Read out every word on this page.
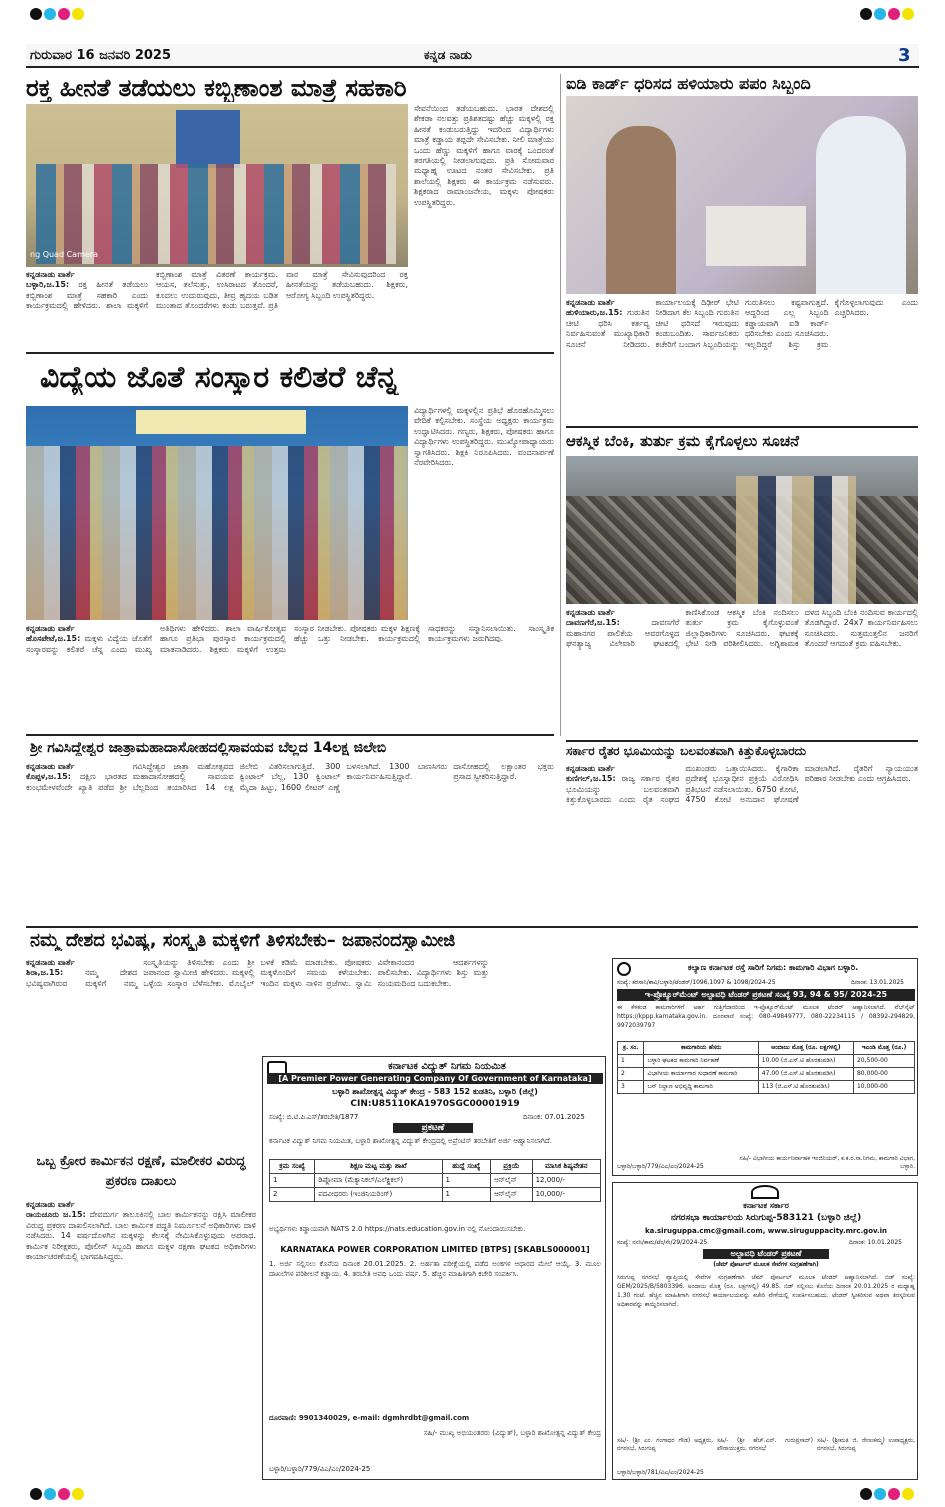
ಗುರುವಾರ 16 ಜನವರಿ 2025	ಕನ್ನಡ ನಾಡು	3
ರಕ್ತ ಹೀನತೆ ತಡೆಯಲು ಕಬ್ಬಿಣಾಂಶ ಮಾತ್ರೆ ಸಹಕಾರಿ
ng Quad Camera
ಕನ್ನಡನಾಡು ವಾರ್ತೆ
ಬಳ್ಳಾರಿ,ಜ.15: ರಕ್ತ ಹೀನತೆ ತಡೆಯಲು ಕಬ್ಬಿಣಾಂಶ ಮಾತ್ರೆ ಸಹಕಾರಿ ಎಂದು ಕಾರ್ಯಕ್ರಮದಲ್ಲಿ ಹೇಳಿದರು. ಶಾಲಾ ಮಕ್ಕಳಿಗೆ ಕಬ್ಬಿಣಾಂಶ ಮಾತ್ರೆ ವಿತರಣೆ ಕಾರ್ಯಕ್ರಮ. ಆಯಸ, ತಲೆಸುತ್ತು, ಉಸಿರಾಟದ ತೊಂದರೆ, ಕೂದಲು ಉದುರುವುದು, ತೀವ್ರ ಹೃದಯ ಬಡಿತ ಮುಂತಾದ ತೊಂದರೆಗಳು ಕಂಡು ಬರುತ್ತವೆ. ಪ್ರತಿ ವಾರ ಮಾತ್ರೆ ಸೇವಿಸುವುದರಿಂದ ರಕ್ತ ಹೀನತೆಯನ್ನು ತಡೆಯಬಹುದು. ಶಿಕ್ಷಕರು, ಆರೋಗ್ಯ ಸಿಬ್ಬಂದಿ ಉಪಸ್ಥಿತರಿದ್ದರು.
ಸೇವನೆಯಿಂದ ತಡೆಯಬಹುದು. ಭಾರತ ದೇಶದಲ್ಲಿ ಶೇಕಡಾ ನಲವತ್ತು ಪ್ರತಿಶತದಷ್ಟು ಹೆಚ್ಚು ಮಕ್ಕಳಲ್ಲಿ ರಕ್ತ ಹೀನತೆ ಕಂಡುಬರುತ್ತಿದ್ದು ಇದರಿಂದ ವಿದ್ಯಾರ್ಥಿಗಳು ಮಾತ್ರೆ ಕಡ್ಡಾಯ ತಪ್ಪದೇ ಸೇವಿಸಬೇಕು. ನೀಲಿ ಮಾತ್ರೆಯು ಒಂದು ಹೆಣ್ಣು ಮಕ್ಕಳಿಗೆ ಹಾಗೂ ವಾರಕ್ಕೆ ಒಂದರಂತೆ ತರಗತಿಯಲ್ಲಿ ನೀಡಲಾಗುವುದು. ಪ್ರತಿ ಸೋಮವಾರ ಮಧ್ಯಾಹ್ನ ಊಟದ ನಂತರ ಸೇವಿಸಬೇಕು. ಪ್ರತಿ ಶಾಲೆಯಲ್ಲಿ ಶಿಕ್ಷಕರು ಈ ಕಾರ್ಯಕ್ರಮ ನಡೆಸುವರು. ಶಿಕ್ಷಕರಾದ ರಾಮಾಂಜನೇಯ, ಮಕ್ಕಳು ಪೋಷಕರು ಉಪಸ್ಥಿತರಿದ್ದರು.
ಐಡಿ ಕಾರ್ಡ್ ಧರಿಸದ ಹಳಿಯಾರು ಪಪಂ ಸಿಬ್ಬಂದಿ
ಕನ್ನಡನಾಡು ವಾರ್ತೆ
ಹುಳಿಯಾರು,ಜ.15: ಗುರುತಿನ ಚೀಟಿ ಧರಿಸಿ ಕರ್ತವ್ಯ ನಿರ್ವಹಿಸುವಂತೆ ಮುಖ್ಯಾಧಿಕಾರಿ ಸೂಚನೆ ನೀಡಿದರು. ಕಾರ್ಯಾಲಯಕ್ಕೆ ದಿಢೀರ್ ಭೇಟಿ ನೀಡಿದಾಗ ಕೆಲ ಸಿಬ್ಬಂದಿ ಗುರುತಿನ ಚೀಟಿ ಧರಿಸದೆ ಇರುವುದು ಕಂಡುಬಂದಿತು. ಸಾರ್ವಜನಿಕರು ಕಚೇರಿಗೆ ಬಂದಾಗ ಸಿಬ್ಬಂದಿಯನ್ನು ಗುರುತಿಸಲು ಕಷ್ಟವಾಗುತ್ತದೆ. ಆದ್ದರಿಂದ ಎಲ್ಲ ಸಿಬ್ಬಂದಿ ಕಡ್ಡಾಯವಾಗಿ ಐಡಿ ಕಾರ್ಡ್ ಧರಿಸಬೇಕು ಎಂದು ಸೂಚಿಸಿದರು. ಇಲ್ಲದಿದ್ದರೆ ಶಿಸ್ತು ಕ್ರಮ ಕೈಗೊಳ್ಳಲಾಗುವುದು ಎಂದು ಎಚ್ಚರಿಸಿದರು.
ವಿದ್ಯೆಯ ಜೊತೆ ಸಂಸ್ಕಾರ ಕಲಿತರೆ ಚೆನ್ನ
ಕನ್ನಡನಾಡು ವಾರ್ತೆ
ಹೊಸಪೇಟೆ,ಜ.15: ಮಕ್ಕಳು ವಿದ್ಯೆಯ ಜೊತೆಗೆ ಸಂಸ್ಕಾರವನ್ನು ಕಲಿತರೆ ಚೆನ್ನ ಎಂದು ಮುಖ್ಯ ಅತಿಥಿಗಳು ಹೇಳಿದರು. ಶಾಲಾ ವಾರ್ಷಿಕೋತ್ಸವ ಹಾಗೂ ಪ್ರತಿಭಾ ಪುರಸ್ಕಾರ ಕಾರ್ಯಕ್ರಮದಲ್ಲಿ ಮಾತನಾಡಿದರು. ಶಿಕ್ಷಕರು ಮಕ್ಕಳಿಗೆ ಉತ್ತಮ ಸಂಸ್ಕಾರ ನೀಡಬೇಕು. ಪೋಷಕರು ಮಕ್ಕಳ ಶಿಕ್ಷಣಕ್ಕೆ ಹೆಚ್ಚು ಒತ್ತು ನೀಡಬೇಕು. ಕಾರ್ಯಕ್ರಮದಲ್ಲಿ ಸಾಧಕರನ್ನು ಸನ್ಮಾನಿಸಲಾಯಿತು. ಸಾಂಸ್ಕೃತಿಕ ಕಾರ್ಯಕ್ರಮಗಳು ಜರುಗಿದವು.
ವಿದ್ಯಾರ್ಥಿಗಳಲ್ಲಿ ಮಕ್ಕಳಲ್ಲಿನ ಪ್ರತಿಭೆ ಹೊರಹೊಮ್ಮಿಸಲು ವೇದಿಕೆ ಕಲ್ಪಿಸಬೇಕು. ಸಂಸ್ಥೆಯ ಅಧ್ಯಕ್ಷರು ಕಾರ್ಯಕ್ರಮ ಉದ್ಘಾಟಿಸಿದರು. ಗಣ್ಯರು, ಶಿಕ್ಷಕರು, ಪೋಷಕರು ಹಾಗೂ ವಿದ್ಯಾರ್ಥಿಗಳು ಉಪಸ್ಥಿತರಿದ್ದರು. ಮುಖ್ಯೋಪಾಧ್ಯಾಯರು ಸ್ವಾಗತಿಸಿದರು. ಶಿಕ್ಷಕಿ ನಿರೂಪಿಸಿದರು. ವಂದನಾರ್ಪಣೆ ನೆರವೇರಿಸಿದರು.
ಆಕಸ್ಮಿಕ ಬೆಂಕಿ, ತುರ್ತು ಕ್ರಮ ಕೈಗೊಳ್ಳಲು ಸೂಚನೆ
ಕನ್ನಡನಾಡು ವಾರ್ತೆ
ದಾವಣಗೆರೆ,ಜ.15:	ದಾವಣಗೆರೆ ಮಹಾನಗರ ಪಾಲಿಕೆಯ ಆವರಗೊಳ್ಳದ ಘನತ್ಯಾಜ್ಯ ವಿಲೇವಾರಿ ಘಟಕದಲ್ಲಿ ಕಾಣಿಸಿಕೊಂಡ ಆಕಸ್ಮಿಕ ಬೆಂಕಿ ನಂದಿಸಲು ತುರ್ತು ಕ್ರಮ ಕೈಗೊಳ್ಳುವಂತೆ ಜಿಲ್ಲಾಧಿಕಾರಿಗಳು ಸೂಚಿಸಿದರು. ಘಟಕಕ್ಕೆ ಭೇಟಿ ನೀಡಿ ಪರಿಶೀಲಿಸಿದರು. ಅಗ್ನಿಶಾಮಕ ದಳದ ಸಿಬ್ಬಂದಿ ಬೆಂಕಿ ನಂದಿಸುವ ಕಾರ್ಯದಲ್ಲಿ ತೊಡಗಿದ್ದಾರೆ. 24x7 ಕಾರ್ಯನಿರ್ವಹಿಸಲು ಸೂಚಿಸಿದರು. ಸುತ್ತಮುತ್ತಲಿನ ಜನರಿಗೆ ತೊಂದರೆ ಆಗದಂತೆ ಕ್ರಮ ವಹಿಸಬೇಕು.
ಶ್ರೀ ಗವಿಸಿದ್ದೇಶ್ವರ ಜಾತ್ರಾಮಹಾದಾಸೋಹದಲ್ಲಿಸಾವಯವ ಬೆಲ್ಲದ 14ಲಕ್ಷ ಜಿಲೇಬಿ
ಕನ್ನಡನಾಡು ವಾರ್ತೆ
ಕೊಪ್ಪಳ,ಜ.15: ದಕ್ಷಿಣ ಭಾರತದ ಕುಂಭಮೇಳವೆಂದೇ ಖ್ಯಾತಿ ಪಡೆದ ಶ್ರೀ ಗವಿಸಿದ್ದೇಶ್ವರ ಜಾತ್ರಾ ಮಹೋತ್ಸವದ ಮಹಾದಾಸೋಹದಲ್ಲಿ ಸಾವಯವ ಬೆಲ್ಲದಿಂದ ತಯಾರಿಸಿದ 14 ಲಕ್ಷ ಜಿಲೇಬಿ ವಿತರಿಸಲಾಗುತ್ತಿದೆ. 300 ಕ್ವಿಂಟಾಲ್ ಬೆಲ್ಲ, 130 ಕ್ವಿಂಟಾಲ್ ಮೈದಾ ಹಿಟ್ಟು, 1600 ಲೀಟರ್ ಎಣ್ಣೆ ಬಳಸಲಾಗಿದೆ. 1300 ಬಾಣಸಿಗರು ಕಾರ್ಯನಿರ್ವಹಿಸುತ್ತಿದ್ದಾರೆ. ದಾಸೋಹದಲ್ಲಿ ಲಕ್ಷಾಂತರ ಭಕ್ತರು ಪ್ರಸಾದ ಸ್ವೀಕರಿಸುತ್ತಿದ್ದಾರೆ.
ಸರ್ಕಾರ ರೈತರ ಭೂಮಿಯನ್ನು ಬಲವಂತವಾಗಿ ಕಿತ್ತುಕೊಳ್ಳಬಾರದು
ಕನ್ನಡನಾಡು ವಾರ್ತೆ
ಕುಣಿಗಲ್,ಜ.15: ರಾಜ್ಯ ಸರ್ಕಾರ ರೈತರ ಭೂಮಿಯನ್ನು ಬಲವಂತವಾಗಿ ಕಿತ್ತುಕೊಳ್ಳಬಾರದು ಎಂದು ರೈತ ಸಂಘದ ಮುಖಂಡರು ಒತ್ತಾಯಿಸಿದರು. ಕೈಗಾರಿಕಾ ಪ್ರದೇಶಕ್ಕೆ ಭೂಸ್ವಾಧೀನ ಪ್ರಕ್ರಿಯೆ ವಿರೋಧಿಸಿ ಪ್ರತಿಭಟನೆ ನಡೆಸಲಾಯಿತು. 6750 ಕೋಟಿ, 4750 ಕೋಟಿ ಅನುದಾನ ಘೋಷಣೆ ಮಾಡಲಾಗಿದೆ. ರೈತರಿಗೆ ನ್ಯಾಯಯುತ ಪರಿಹಾರ ನೀಡಬೇಕು ಎಂದು ಆಗ್ರಹಿಸಿದರು.
ನಮ್ಮ ದೇಶದ ಭವಿಷ್ಯ, ಸಂಸ್ಕೃತಿ ಮಕ್ಕಳಿಗೆ ತಿಳಿಸಬೇಕು– ಜಪಾನಂದಸ್ವಾಮೀಜಿ
ಕನ್ನಡನಾಡು ವಾರ್ತೆ
ಶಿರಾ,ಜ.15:	ನಮ್ಮ ದೇಶದ ಭವಿಷ್ಯವಾಗಿರುವ ಮಕ್ಕಳಿಗೆ ನಮ್ಮ ಸಂಸ್ಕೃತಿಯನ್ನು ತಿಳಿಸಬೇಕು ಎಂದು ಶ್ರೀ ಜಪಾನಂದ ಸ್ವಾಮೀಜಿ ಹೇಳಿದರು. ಮಕ್ಕಳಲ್ಲಿ ಒಳ್ಳೆಯ ಸಂಸ್ಕಾರ ಬೆಳೆಸಬೇಕು. ಮೊಬೈಲ್ ಬಳಕೆ ಕಡಿಮೆ ಮಾಡಬೇಕು. ಪೋಷಕರು ಮಕ್ಕಳೊಂದಿಗೆ ಸಮಯ ಕಳೆಯಬೇಕು. ಇಂದಿನ ಮಕ್ಕಳು ನಾಳಿನ ಪ್ರಜೆಗಳು. ಸ್ವಾಮಿ ವಿವೇಕಾನಂದರ ಆದರ್ಶಗಳನ್ನು ಪಾಲಿಸಬೇಕು. ವಿದ್ಯಾರ್ಥಿಗಳು ಶಿಸ್ತು ಮತ್ತು ಸಂಯಮದಿಂದ ಬದುಕಬೇಕು.
ಒಬ್ಬ ಕ್ರೋರ ಕಾರ್ಮಿಕನ ರಕ್ಷಣೆ, ಮಾಲೀಕರ ವಿರುದ್ಧ ಪ್ರಕರಣ ದಾಖಲು
ಕನ್ನಡನಾಡು ವಾರ್ತೆ
ರಾಯಚೂರು ಜ.15: ದೇವದುರ್ಗ ತಾಲೂಕಿನಲ್ಲಿ ಬಾಲ ಕಾರ್ಮಿಕನನ್ನು ರಕ್ಷಿಸಿ ಮಾಲೀಕರ ವಿರುದ್ಧ ಪ್ರಕರಣ ದಾಖಲಿಸಲಾಗಿದೆ. ಬಾಲ ಕಾರ್ಮಿಕ ಪದ್ಧತಿ ನಿರ್ಮೂಲನೆ ಅಧಿಕಾರಿಗಳು ದಾಳಿ ನಡೆಸಿದರು. 14 ವರ್ಷದೊಳಗಿನ ಮಕ್ಕಳನ್ನು ಕೆಲಸಕ್ಕೆ ನೇಮಿಸಿಕೊಳ್ಳುವುದು ಅಪರಾಧ. ಕಾರ್ಮಿಕ ನಿರೀಕ್ಷಕರು, ಪೊಲೀಸ್ ಸಿಬ್ಬಂದಿ ಹಾಗೂ ಮಕ್ಕಳ ರಕ್ಷಣಾ ಘಟಕದ ಅಧಿಕಾರಿಗಳು ಕಾರ್ಯಾಚರಣೆಯಲ್ಲಿ ಭಾಗವಹಿಸಿದ್ದರು.
ಕರ್ನಾಟಕ ವಿದ್ಯುತ್ ನಿಗಮ ನಿಯಮಿತ
[A Premier Power Generating Company Of Government of Karnataka]
ಬಳ್ಳಾರಿ ಶಾಖೋತ್ಪನ್ನ ವಿದ್ಯುತ್ ಕೇಂದ್ರ - 583 152 ಕುಡತಿನಿ, ಬಳ್ಳಾರಿ (ಜಿಲ್ಲೆ)
CIN:U85110KA1970SGC00001919
ಸಂಖ್ಯೆ: ಬಿ.ಟಿ.ಪಿ.ಎಸ್/ತರಬೇತಿ/1877	ದಿನಾಂಕ: 07.01.2025
ಪ್ರಕಟಣೆ
ಕರ್ನಾಟಕ ವಿದ್ಯುತ್ ನಿಗಮ ನಿಯಮಿತ, ಬಳ್ಳಾರಿ ಶಾಖೋತ್ಪನ್ನ ವಿದ್ಯುತ್ ಕೇಂದ್ರದಲ್ಲಿ ಅಪ್ರೆಂಟಿಸ್ ತರಬೇತಿಗೆ ಅರ್ಜಿ ಆಹ್ವಾನಿಸಲಾಗಿದೆ.
ಕ್ರಮ ಸಂಖ್ಯೆ	ಶಿಕ್ಷಣ ಮಟ್ಟ ಮತ್ತು ಶಾಖೆ	ಹುದ್ದೆ ಸಂಖ್ಯೆ	ಪ್ರಕ್ರಿಯೆ	ಮಾಸಿಕ ಶಿಷ್ಯವೇತನ
1	ಡಿಪ್ಲೋಮಾ (ಮೆಕ್ಯಾನಿಕಲ್/ಎಲೆಕ್ಟ್ರಿಕಲ್)	1	ಆನ್‌ಲೈನ್	12,000/-
2	ಪದವೀಧರರು (ಇಂಜಿನಿಯರಿಂಗ್)	1	ಆನ್‌ಲೈನ್	10,000/-
ಅಭ್ಯರ್ಥಿಗಳು ಕಡ್ಡಾಯವಾಗಿ NATS 2.0 https://nats.education.gov.in ನಲ್ಲಿ ನೋಂದಾಯಿಸಬೇಕು.
KARNATAKA POWER CORPORATION LIMITED [BTPS] [SKABLS000001]
1. ಅರ್ಜಿ ಸಲ್ಲಿಸಲು ಕೊನೆಯ ದಿನಾಂಕ 20.01.2025. 2. ಅರ್ಹತಾ ಪರೀಕ್ಷೆಯಲ್ಲಿ ಪಡೆದ ಅಂಕಗಳ ಆಧಾರದ ಮೇಲೆ ಆಯ್ಕೆ. 3. ಮೂಲ ದಾಖಲೆಗಳ ಪರಿಶೀಲನೆ ಕಡ್ಡಾಯ. 4. ತರಬೇತಿ ಅವಧಿ ಒಂದು ವರ್ಷ. 5. ಹೆಚ್ಚಿನ ಮಾಹಿತಿಗಾಗಿ ಕಚೇರಿ ಸಂಪರ್ಕಿಸಿ.
ದೂರವಾಣಿ: 9901340029, e-mail: dgmhrdbt@gmail.com
ಸಹಿ/- ಮುಖ್ಯ ಅಭಿಯಂತರರು (ವಿದ್ಯುತ್), ಬಳ್ಳಾರಿ ಶಾಖೋತ್ಪನ್ನ ವಿದ್ಯುತ್ ಕೇಂದ್ರ
ಬಳ್ಳಾರಿ/ಬಳ್ಳಾರಿ/779/ವಿಎ/ಎಂ/2024-25
ಕಲ್ಯಾಣ ಕರ್ನಾಟಕ ರಸ್ತೆ ಸಾರಿಗೆ ನಿಗಮ: ಕಾಮಗಾರಿ ವಿಭಾಗ ಬಳ್ಳಾರಿ.
ಸಂಖ್ಯೆ: ಕರಸಾನಿ/ಕಾವಿ/ಬಳ್ಳಾರಿ/ಟೆಂಡರ್/1096,1097 & 1098/2024-25	ದಿನಾಂಕ: 13.01.2025
ಇ-ಪ್ರೊಕ್ಯೂರ್‌ಮೆಂಟ್ ಅಲ್ಪಾವಧಿ ಟೆಂಡರ್ ಪ್ರಕಟಣೆ ಸಂಖ್ಯೆ 93, 94 & 95/ 2024-25
ಈ ಕೆಳಕಂಡ ಕಾಮಗಾರಿಗಳಿಗೆ ಅರ್ಹ ಗುತ್ತಿಗೆದಾರರಿಂದ ಇ-ಪ್ರೊಕ್ಯೂರ್‌ಮೆಂಟ್ ಮೂಲಕ ಟೆಂಡರ್ ಆಹ್ವಾನಿಸಲಾಗಿದೆ. ವೆಬ್‌ಸೈಟ್ https://kppp.karnataka.gov.in. ದೂರವಾಣಿ ಸಂಖ್ಯೆ: 080-49849777, 080-22234115 / 08392-294829, 9972039797
ಕ್ರ. ಸಂ.	ಕಾಮಗಾರಿಯ ಹೆಸರು	ಅಂದಾಜು ಮೊತ್ತ (ರೂ. ಲಕ್ಷಗಳಲ್ಲಿ)	ಇಎಂಡಿ ಮೊತ್ತ (ರೂ.)
1	ಬಳ್ಳಾರಿ ಘಟಕದ ಕಾಮಗಾರಿ ನಿರ್ವಹಣೆ	10.00 (ಜಿ.ಎಸ್.ಟಿ ಹೊರತುಪಡಿಸಿ)	20,500-00
2	ವಿಭಾಗೀಯ ಕಾರ್ಯಾಗಾರ ಸುಧಾರಣೆ ಕಾಮಗಾರಿ	47.00 (ಜಿ.ಎಸ್.ಟಿ ಹೊರತುಪಡಿಸಿ)	80,000-00
3	ಬಸ್ ನಿಲ್ದಾಣ ಅಭಿವೃದ್ಧಿ ಕಾಮಗಾರಿ	113 (ಜಿ.ಎಸ್.ಟಿ ಹೊರತುಪಡಿಸಿ)	10,000-00
ಬಳ್ಳಾರಿ/ಬಳ್ಳಾರಿ/779/ವಿಎ/ಎಂ/2024-25
ಸಹಿ/- ವಿಭಾಗೀಯ ಕಾರ್ಯನಿರ್ವಾಹಕ ಇಂಜಿನಿಯರ್, ಕ.ಕ.ರ.ಸಾ.ನಿಗಮ, ಕಾಮಗಾರಿ ವಿಭಾಗ, ಬಳ್ಳಾರಿ.
ಕರ್ನಾಟಕ ಸರ್ಕಾರ
ನಗರಸಭಾ ಕಾರ್ಯಾಲಯ ಸಿರುಗುಪ್ಪ-583121 (ಬಳ್ಳಾರಿ ಜಿಲ್ಲೆ)
ka.siruguppa.cmc@gmail.com, www.siruguppacity.mrc.gov.in
ಸಂಖ್ಯೆ: ನಸಸಿ/ಕಾಮ/ಟೆಂ/ಸೇ/29/2024-25	ದಿನಾಂಕ: 10.01.2025
ಅಲ್ಪಾವಧಿ ಟೆಂಡರ್ ಪ್ರಕಟಣೆ
(ಜೆಮ್ ಪೋರ್ಟಲ್ ಮೂಲಕ ಸೇವೆಗಳ ಸಂಗ್ರಹಣೆಗಾಗಿ)
ಸಿರುಗುಪ್ಪ ನಗರಸಭೆ ವ್ಯಾಪ್ತಿಯಲ್ಲಿ ಸೇವೆಗಳ ಸಂಗ್ರಹಣೆಗಾಗಿ ಜೆಮ್ ಪೋರ್ಟಲ್ ಮೂಲಕ ಟೆಂಡರ್ ಆಹ್ವಾನಿಸಲಾಗಿದೆ. ಬಿಡ್ ಸಂಖ್ಯೆ: GEM/2025/B/5803396. ಅಂದಾಜು ಮೊತ್ತ (ರೂ. ಲಕ್ಷಗಳಲ್ಲಿ) 49.85. ಬಿಡ್ ಸಲ್ಲಿಸಲು ಕೊನೆಯ ದಿನಾಂಕ 20.01.2025 ರ ಮಧ್ಯಾಹ್ನ 1.30 ಗಂಟೆ. ಹೆಚ್ಚಿನ ಮಾಹಿತಿಗಾಗಿ ನಗರಸಭೆ ಕಾರ್ಯಾಲಯವನ್ನು ಕಚೇರಿ ವೇಳೆಯಲ್ಲಿ ಸಂಪರ್ಕಿಸಬಹುದು. ಟೆಂಡರ್ ಸ್ವೀಕರಿಸುವ ಅಥವಾ ತಿರಸ್ಕರಿಸುವ ಅಧಿಕಾರವನ್ನು ಕಾಯ್ದಿರಿಸಲಾಗಿದೆ.
ಸಹಿ/- (ಶ್ರೀ ಎಂ. ಗಂಗಾಧರ ಗೌಡ) ಅಧ್ಯಕ್ಷರು, ನಗರಸಭೆ, ಸಿರುಗುಪ್ಪ
ಸಹಿ/- (ಶ್ರೀ ಹೆಚ್.ಎನ್. ಗುರುಪ್ರಸಾದ್) ಪೌರಾಯುಕ್ತರು, ನಗರಸಭೆ
ಸಹಿ/- (ಶ್ರೀಮತಿ ಜಿ. ರೇಣುಕಮ್ಮ) ಉಪಾಧ್ಯಕ್ಷರು, ನಗರಸಭೆ, ಸಿರುಗುಪ್ಪ
ಬಳ್ಳಾರಿ/ಬಳ್ಳಾರಿ/781/ವಿಎ/ಎಂ/2024-25
